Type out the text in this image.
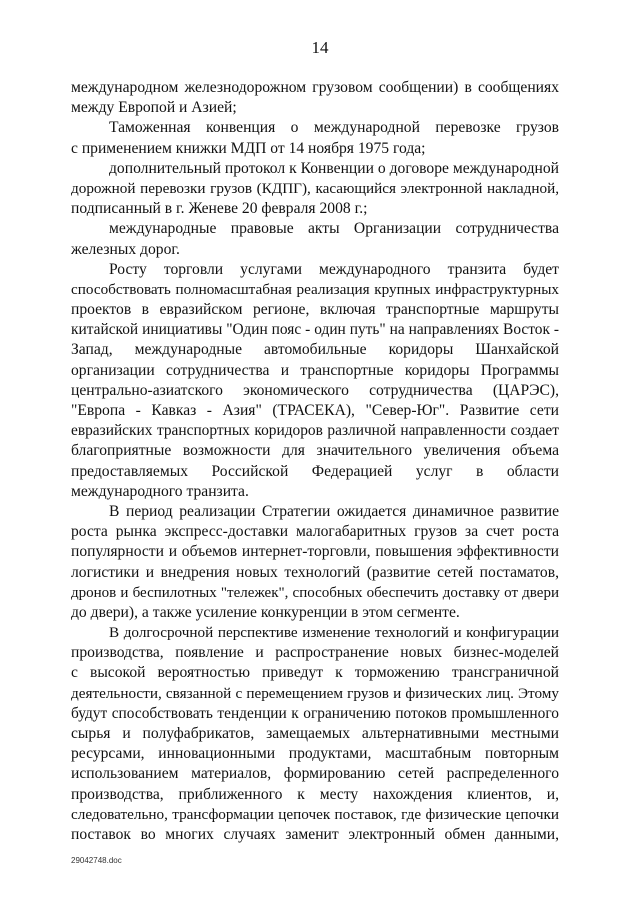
14
международном железнодорожном грузовом сообщении) в сообщениях
между Европой и Азией;
Таможенная конвенция о международной перевозке грузов
с применением книжки МДП от 14 ноября 1975 года;
дополнительный протокол к Конвенции о договоре международной
дорожной перевозки грузов (КДПГ), касающийся электронной накладной,
подписанный в г. Женеве 20 февраля 2008 г.;
международные правовые акты Организации сотрудничества
железных дорог.
Росту торговли услугами международного транзита будет
способствовать полномасштабная реализация крупных инфраструктурных
проектов в евразийском регионе, включая транспортные маршруты
китайской инициативы "Один пояс - один путь" на направлениях Восток -
Запад, международные автомобильные коридоры Шанхайской
организации сотрудничества и транспортные коридоры Программы
центрально-азиатского экономического сотрудничества (ЦАРЭС),
"Европа - Кавказ - Азия" (ТРАСЕКА), "Север-Юг". Развитие сети
евразийских транспортных коридоров различной направленности создает
благоприятные возможности для значительного увеличения объема
предоставляемых Российской Федерацией услуг в области
международного транзита.
В период реализации Стратегии ожидается динамичное развитие
роста рынка экспресс-доставки малогабаритных грузов за счет роста
популярности и объемов интернет-торговли, повышения эффективности
логистики и внедрения новых технологий (развитие сетей постаматов,
дронов и беспилотных "тележек", способных обеспечить доставку от двери
до двери), а также усиление конкуренции в этом сегменте.
В долгосрочной перспективе изменение технологий и конфигурации
производства, появление и распространение новых бизнес-моделей
с высокой вероятностью приведут к торможению трансграничной
деятельности, связанной с перемещением грузов и физических лиц. Этому
будут способствовать тенденции к ограничению потоков промышленного
сырья и полуфабрикатов, замещаемых альтернативными местными
ресурсами, инновационными продуктами, масштабным повторным
использованием материалов, формированию сетей распределенного
производства, приближенного к месту нахождения клиентов, и,
следовательно, трансформации цепочек поставок, где физические цепочки
поставок во многих случаях заменит электронный обмен данными,
29042748.doc
